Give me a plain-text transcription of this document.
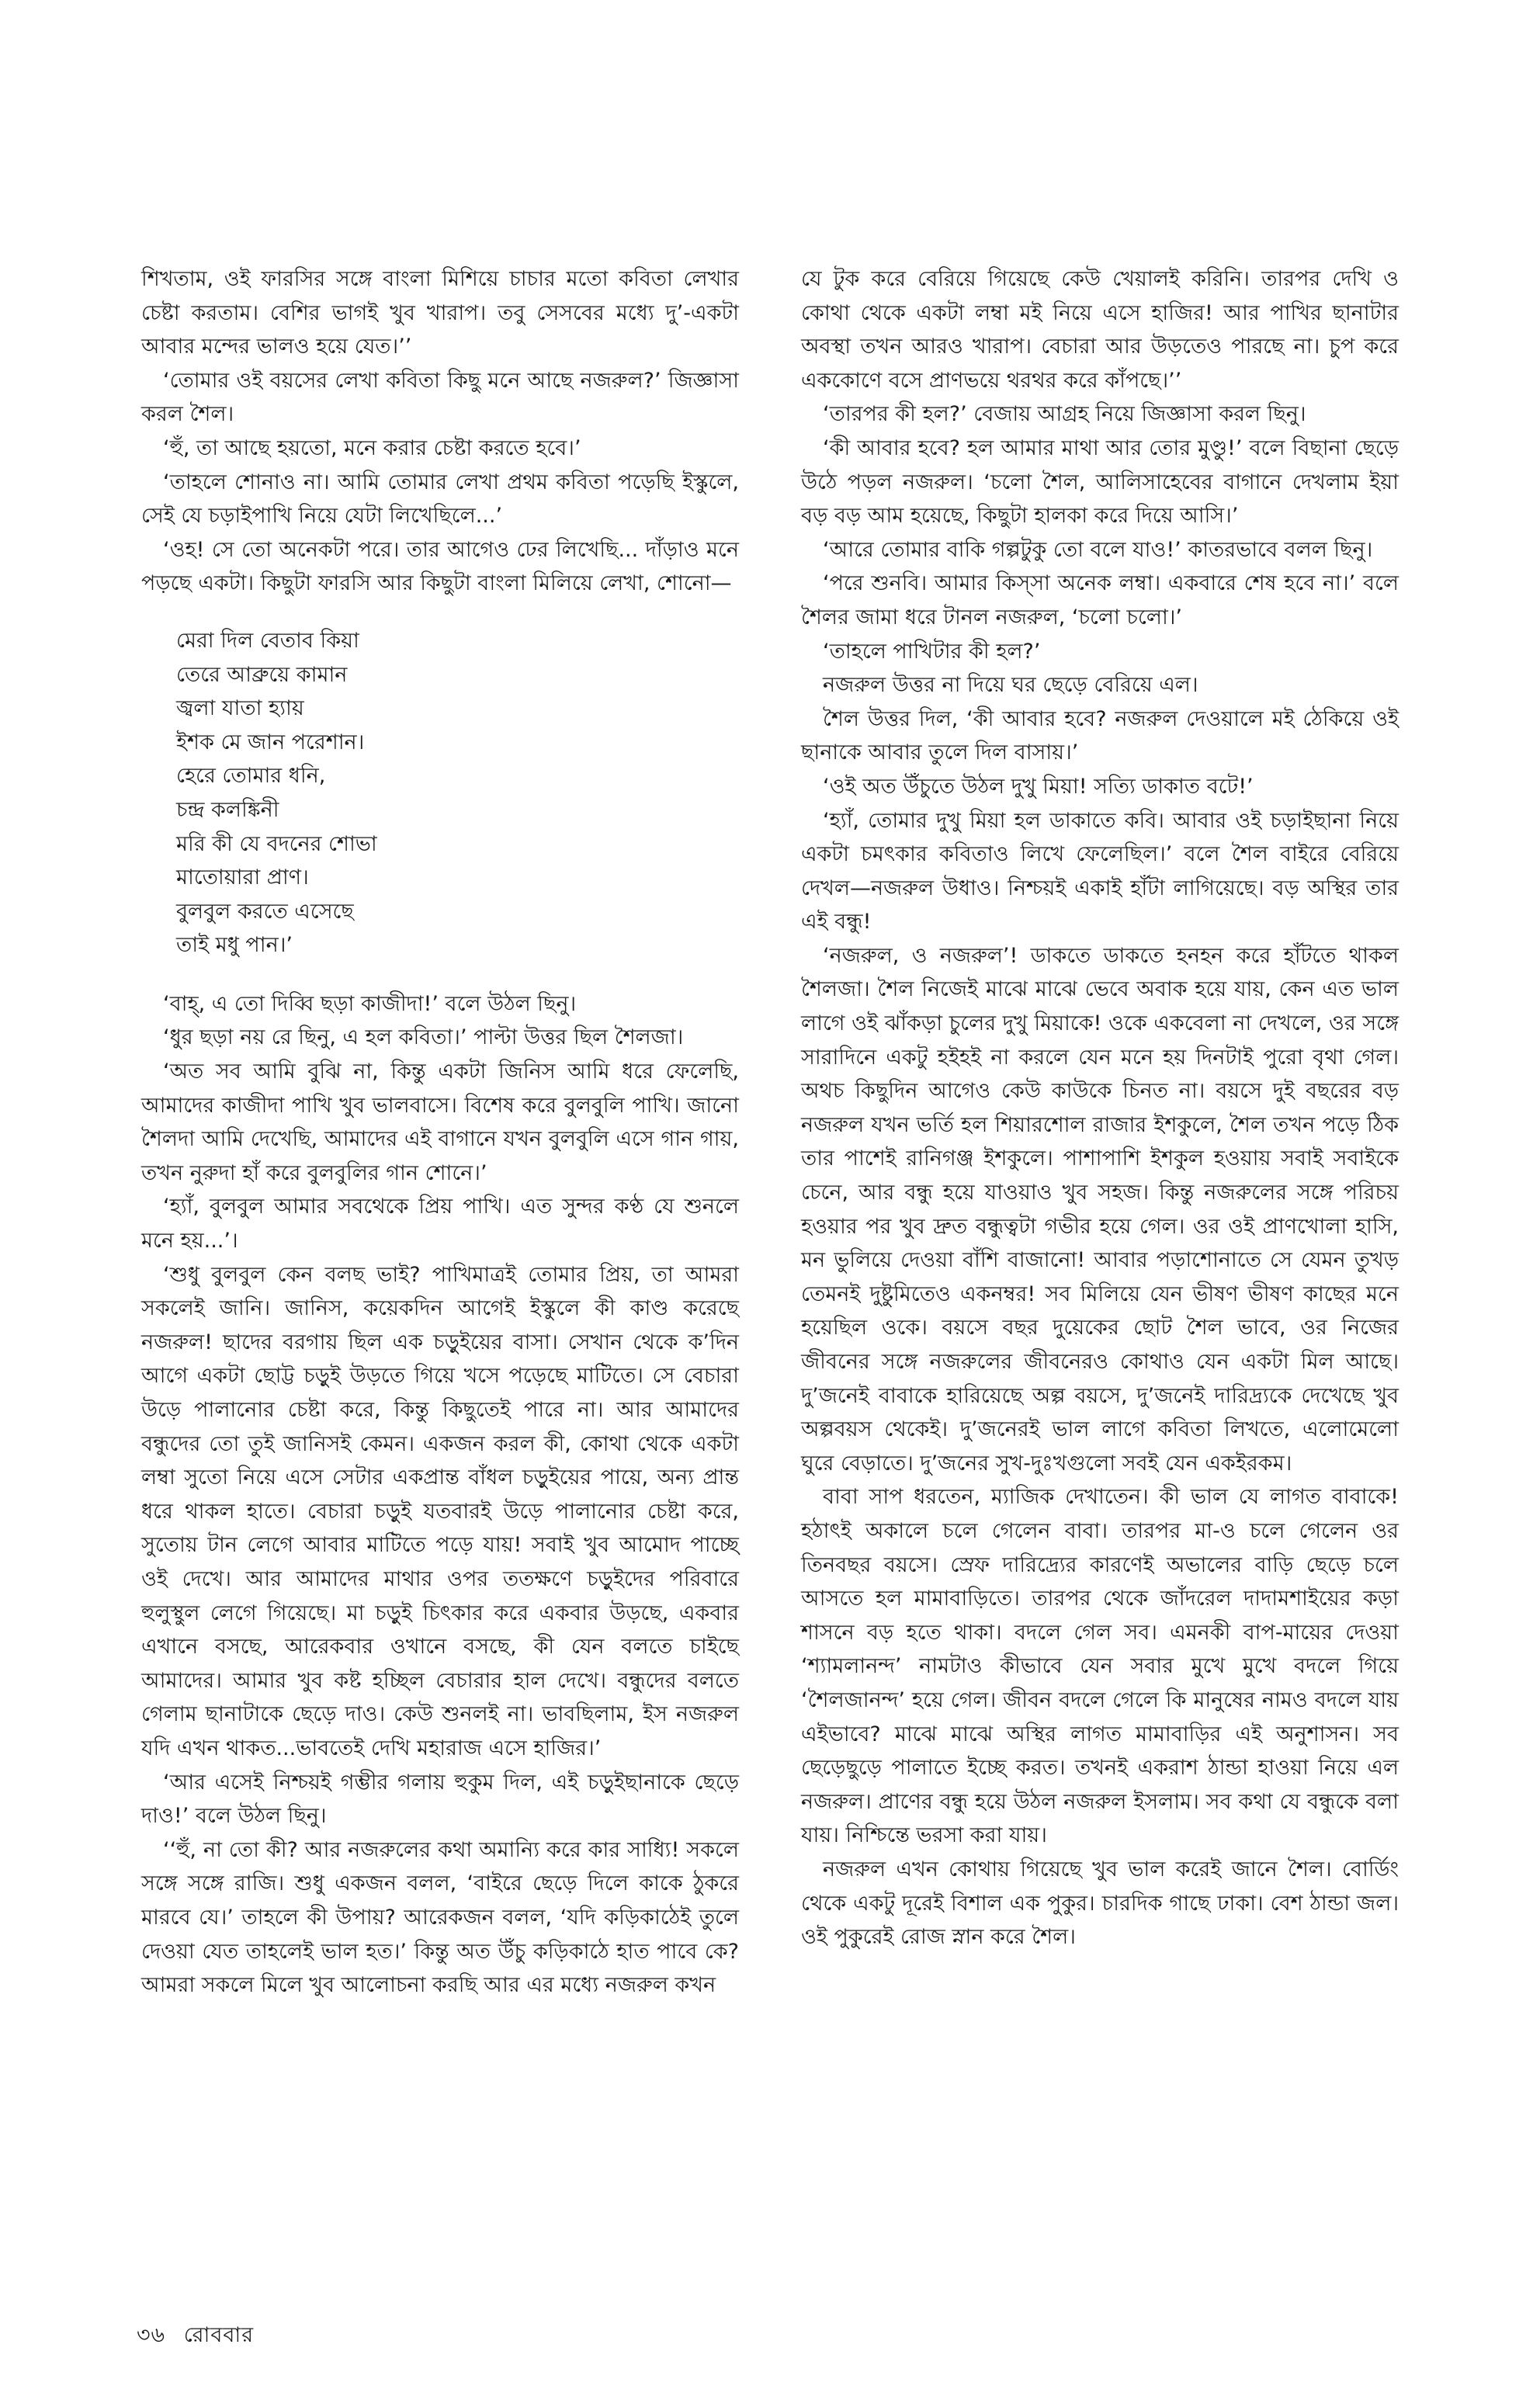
শিখতাম, ওই ফারসির সঙ্গে বাংলা মিশিয়ে চাচার মতো কবিতা লেখার চেষ্টা করতাম। বেশির ভাগই খুব খারাপ। তবু সেসবের মধ্যে দু’-একটা আবার মন্দের ভালও হয়ে যেত।’’

‘তোমার ওই বয়সের লেখা কবিতা কিছু মনে আছে নজরুল?’ জিজ্ঞাসা করল শৈল।

‘হুঁ, তা আছে হয়তো, মনে করার চেষ্টা করতে হবে।’

‘তাহলে শোনাও না। আমি তোমার লেখা প্রথম কবিতা পড়েছি ইস্কুলে, সেই যে চড়াইপাখি নিয়ে যেটা লিখেছিলে...’

‘ওহ! সে তো অনেকটা পরে। তার আগেও ঢের লিখেছি... দাঁড়াও মনে পড়ছে একটা। কিছুটা ফারসি আর কিছুটা বাংলা মিলিয়ে লেখা, শোনো—

মেরা দিল বেতাব কিয়া
তেরে আব্রুয়ে কামান
জ্বলা যাতা হ্যায়
ইশক মে জান পরেশান।
হেরে তোমার ধনি,
চন্দ্র কলঙ্কিনী
মরি কী যে বদনের শোভা
মাতোয়ারা প্রাণ।
বুলবুল করতে এসেছে
তাই মধু পান।’

‘বাহ্, এ তো দিব্বি ছড়া কাজীদা!’ বলে উঠল ছিনু।

‘ধুর ছড়া নয় রে ছিনু, এ হল কবিতা।’ পাল্টা উত্তর ছিল শৈলজা।

‘অত সব আমি বুঝি না, কিন্তু একটা জিনিস আমি ধরে ফেলেছি, আমাদের কাজীদা পাখি খুব ভালবাসে। বিশেষ করে বুলবুলি পাখি। জানো শৈলদা আমি দেখেছি, আমাদের এই বাগানে যখন বুলবুলি এসে গান গায়, তখন নুরুদা হাঁ করে বুলবুলির গান শোনে।’

‘হ্যাঁ, বুলবুল আমার সবথেকে প্রিয় পাখি। এত সুন্দর কণ্ঠ যে শুনলে মনে হয়...’।

‘শুধু বুলবুল কেন বলছ ভাই? পাখিমাত্রই তোমার প্রিয়, তা আমরা সকলেই জানি। জানিস, কয়েকদিন আগেই ইস্কুলে কী কাণ্ড করেছে নজরুল! ছাদের বরগায় ছিল এক চড়ুইয়ের বাসা। সেখান থেকে ক’দিন আগে একটা ছোট্ট চড়ুই উড়তে গিয়ে খসে পড়েছে মাটিতে। সে বেচারা উড়ে পালানোর চেষ্টা করে, কিন্তু কিছুতেই পারে না। আর আমাদের বন্ধুদের তো তুই জানিসই কেমন। একজন করল কী, কোথা থেকে একটা লম্বা সুতো নিয়ে এসে সেটার একপ্রান্ত বাঁধল চড়ুইয়ের পায়ে, অন্য প্রান্ত ধরে থাকল হাতে। বেচারা চড়ুই যতবারই উড়ে পালানোর চেষ্টা করে, সুতোয় টান লেগে আবার মাটিতে পড়ে যায়! সবাই খুব আমোদ পাচ্ছে ওই দেখে। আর আমাদের মাথার ওপর ততক্ষণে চড়ুইদের পরিবারে হুলুস্থুল লেগে গিয়েছে। মা চড়ুই চিৎকার করে একবার উড়ছে, একবার এখানে বসছে, আরেকবার ওখানে বসছে, কী যেন বলতে চাইছে আমাদের। আমার খুব কষ্ট হচ্ছিল বেচারার হাল দেখে। বন্ধুদের বলতে গেলাম ছানাটাকে ছেড়ে দাও। কেউ শুনলই না। ভাবছিলাম, ইস নজরুল যদি এখন থাকত...ভাবতেই দেখি মহারাজ এসে হাজির।’

‘আর এসেই নিশ্চয়ই গম্ভীর গলায় হুকুম দিল, এই চড়ুইছানাকে ছেড়ে দাও!’ বলে উঠল ছিনু।

‘‘হুঁ, না তো কী? আর নজরুলের কথা অমান্যি করে কার সাধ্যি! সকলে সঙ্গে সঙ্গে রাজি। শুধু একজন বলল, ‘বাইরে ছেড়ে দিলে কাকে ঠুকরে মারবে যে।’ তাহলে কী উপায়? আরেকজন বলল, ‘যদি কড়িকাঠেই তুলে দেওয়া যেত তাহলেই ভাল হত।’ কিন্তু অত উঁচু কড়িকাঠে হাত পাবে কে? আমরা সকলে মিলে খুব আলোচনা করছি আর এর মধ্যে নজরুল কখন

যে টুক করে বেরিয়ে গিয়েছে কেউ খেয়ালই করিনি। তারপর দেখি ও কোথা থেকে একটা লম্বা মই নিয়ে এসে হাজির! আর পাখির ছানাটার অবস্থা তখন আরও খারাপ। বেচারা আর উড়তেও পারছে না। চুপ করে এককোণে বসে প্রাণভয়ে থরথর করে কাঁপছে।’’

‘তারপর কী হল?’ বেজায় আগ্রহ নিয়ে জিজ্ঞাসা করল ছিনু।

‘কী আবার হবে? হল আমার মাথা আর তোর মুণ্ডু!’ বলে বিছানা ছেড়ে উঠে পড়ল নজরুল। ‘চলো শৈল, আলিসাহেবের বাগানে দেখলাম ইয়া বড় বড় আম হয়েছে, কিছুটা হালকা করে দিয়ে আসি।’

‘আরে তোমার বাকি গল্পটুকু তো বলে যাও!’ কাতরভাবে বলল ছিনু।

‘পরে শুনবি। আমার কিস্‌সা অনেক লম্বা। একবারে শেষ হবে না।’ বলে শৈলর জামা ধরে টানল নজরুল, ‘চলো চলো।’

‘তাহলে পাখিটার কী হল?’

নজরুল উত্তর না দিয়ে ঘর ছেড়ে বেরিয়ে এল।

শৈল উত্তর দিল, ‘কী আবার হবে? নজরুল দেওয়ালে মই ঠেকিয়ে ওই ছানাকে আবার তুলে দিল বাসায়।’

‘ওই অত উঁচুতে উঠল দুখু মিয়া! সত্যি ডাকাত বটে!’

‘হ্যাঁ, তোমার দুখু মিয়া হল ডাকাতে কবি। আবার ওই চড়াইছানা নিয়ে একটা চমৎকার কবিতাও লিখে ফেলেছিল।’ বলে শৈল বাইরে বেরিয়ে দেখল—নজরুল উধাও। নিশ্চয়ই একাই হাঁটা লাগিয়েছে। বড় অস্থির তার এই বন্ধু!

‘নজরুল, ও নজরুল’! ডাকতে ডাকতে হনহন করে হাঁটতে থাকল শৈলজা। শৈল নিজেই মাঝে মাঝে ভেবে অবাক হয়ে যায়, কেন এত ভাল লাগে ওই ঝাঁকড়া চুলের দুখু মিয়াকে! ওকে একবেলা না দেখলে, ওর সঙ্গে সারাদিনে একটু হইহই না করলে যেন মনে হয় দিনটাই পুরো বৃথা গেল। অথচ কিছুদিন আগেও কেউ কাউকে চিনত না। বয়সে দুই বছরের বড় নজরুল যখন ভর্তি হল শিয়ারশোল রাজার ইশকুলে, শৈল তখন পড়ে ঠিক তার পাশেই রানিগঞ্জ ইশকুলে। পাশাপাশি ইশকুল হওয়ায় সবাই সবাইকে চেনে, আর বন্ধু হয়ে যাওয়াও খুব সহজ। কিন্তু নজরুলের সঙ্গে পরিচয় হওয়ার পর খুব দ্রুত বন্ধুত্বটা গভীর হয়ে গেল। ওর ওই প্রাণখোলা হাসি, মন ভুলিয়ে দেওয়া বাঁশি বাজানো! আবার পড়াশোনাতে সে যেমন তুখড় তেমনই দুষ্টুমিতেও একনম্বর! সব মিলিয়ে যেন ভীষণ ভীষণ কাছের মনে হয়েছিল ওকে। বয়সে বছর দুয়েকের ছোট শৈল ভাবে, ওর নিজের জীবনের সঙ্গে নজরুলের জীবনেরও কোথাও যেন একটা মিল আছে। দু’জনেই বাবাকে হারিয়েছে অল্প বয়সে, দু’জনেই দারিদ্র্যকে দেখেছে খুব অল্পবয়স থেকেই। দু’জনেরই ভাল লাগে কবিতা লিখতে, এলোমেলো ঘুরে বেড়াতে। দু’জনের সুখ-দুঃখগুলো সবই যেন একইরকম।

বাবা সাপ ধরতেন, ম্যাজিক দেখাতেন। কী ভাল যে লাগত বাবাকে! হঠাৎই অকালে চলে গেলেন বাবা। তারপর মা-ও চলে গেলেন ওর তিনবছর বয়সে। স্রেফ দারিদ্র্যের কারণেই অভালের বাড়ি ছেড়ে চলে আসতে হল মামাবাড়িতে। তারপর থেকে জাঁদরেল দাদামশাইয়ের কড়া শাসনে বড় হতে থাকা। বদলে গেল সব। এমনকী বাপ-মায়ের দেওয়া ‘শ্যামলানন্দ’ নামটাও কীভাবে যেন সবার মুখে মুখে বদলে গিয়ে ‘শৈলজানন্দ’ হয়ে গেল। জীবন বদলে গেলে কি মানুষের নামও বদলে যায় এইভাবে? মাঝে মাঝে অস্থির লাগত মামাবাড়ির এই অনুশাসন। সব ছেড়েছুড়ে পালাতে ইচ্ছে করত। তখনই একরাশ ঠান্ডা হাওয়া নিয়ে এল নজরুল। প্রাণের বন্ধু হয়ে উঠল নজরুল ইসলাম। সব কথা যে বন্ধুকে বলা যায়। নিশ্চিন্তে ভরসা করা যায়।

নজরুল এখন কোথায় গিয়েছে খুব ভাল করেই জানে শৈল। বোর্ডিং থেকে একটু দূরেই বিশাল এক পুকুর। চারদিক গাছে ঢাকা। বেশ ঠান্ডা জল। ওই পুকুরেই রোজ স্নান করে শৈল।

৩৬ রোববার
